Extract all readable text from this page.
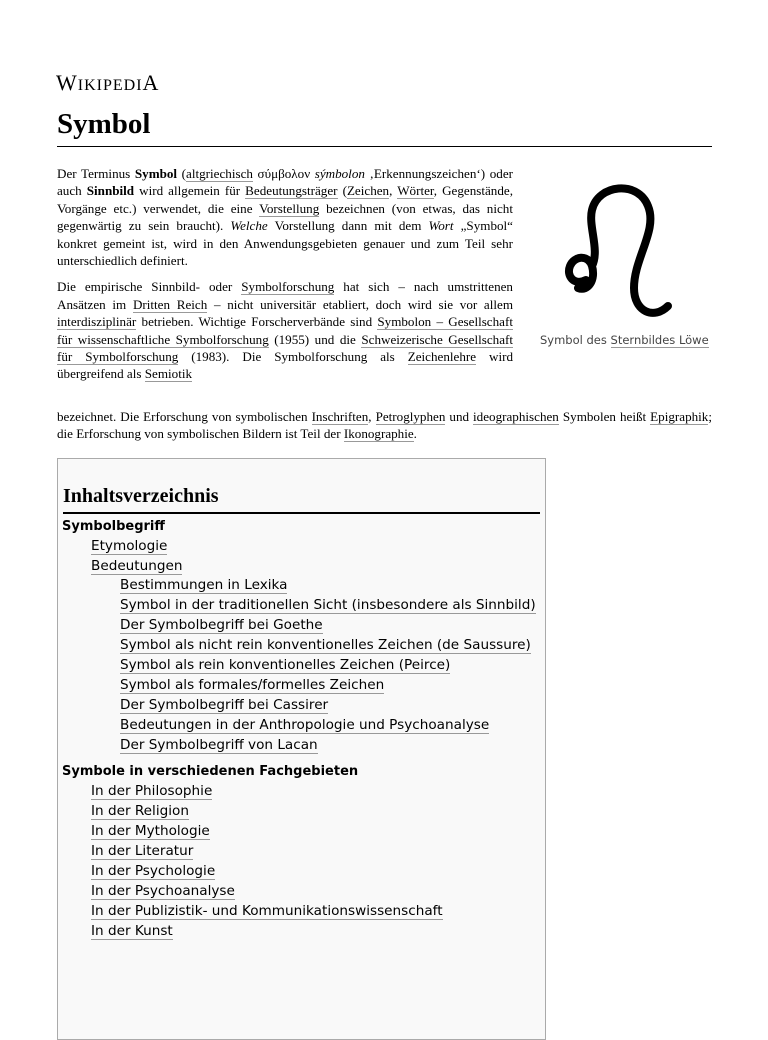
WIKIPEDIA
Symbol

Der Terminus Symbol (altgriechisch σύμβολον sýmbolon ‚Erkennungszeichen‘) oder auch Sinnbild wird allgemein für Bedeutungsträger (Zeichen, Wörter, Gegenstände, Vorgänge etc.) verwendet, die eine Vorstellung bezeichnen (von etwas, das nicht gegenwärtig zu sein braucht). Welche Vorstellung dann mit dem Wort „Symbol“ konkret gemeint ist, wird in den Anwendungsgebieten genauer und zum Teil sehr unterschiedlich definiert.

Die empirische Sinnbild- oder Symbolforschung hat sich – nach umstrittenen Ansätzen im Dritten Reich – nicht universitär etabliert, doch wird sie vor allem interdisziplinär betrieben. Wichtige Forscherverbände sind Symbolon – Gesellschaft für wissenschaftliche Symbolforschung (1955) und die Schweizerische Gesellschaft für Symbolforschung (1983). Die Symbolforschung als Zeichenlehre wird übergreifend als Semiotik

bezeichnet. Die Erforschung von symbolischen Inschriften, Petroglyphen und ideographischen Symbolen heißt Epigraphik; die Erforschung von symbolischen Bildern ist Teil der Ikonographie.
Symbol des Sternbildes Löwe
Inhaltsverzeichnis
Symbolbegriff
Etymologie
Bedeutungen
Bestimmungen in Lexika
Symbol in der traditionellen Sicht (insbesondere als Sinnbild)
Der Symbolbegriff bei Goethe
Symbol als nicht rein konventionelles Zeichen (de Saussure)
Symbol als rein konventionelles Zeichen (Peirce)
Symbol als formales/formelles Zeichen
Der Symbolbegriff bei Cassirer
Bedeutungen in der Anthropologie und Psychoanalyse
Der Symbolbegriff von Lacan
Symbole in verschiedenen Fachgebieten
In der Philosophie
In der Religion
In der Mythologie
In der Literatur
In der Psychologie
In der Psychoanalyse
In der Publizistik- und Kommunikationswissenschaft
In der Kunst
